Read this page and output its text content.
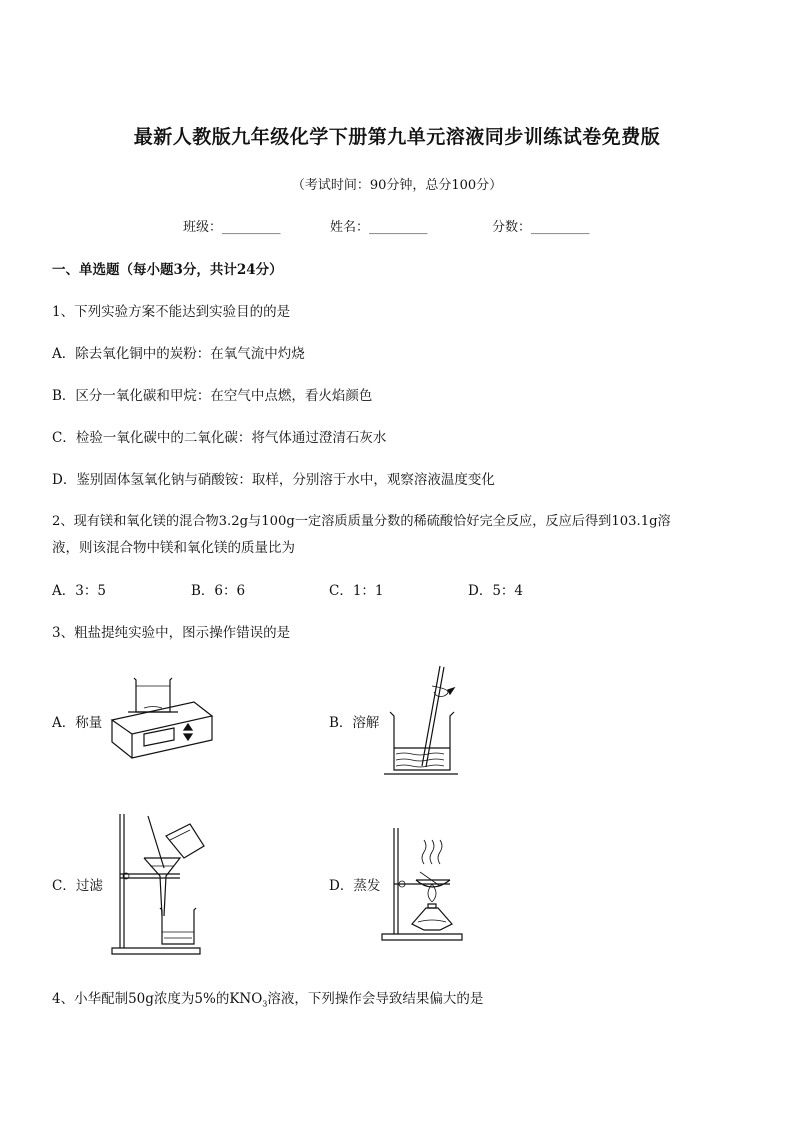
最新人教版九年级化学下册第九单元溶液同步训练试卷免费版
（考试时间：90分钟，总分100分）
班级：_________	姓名：_________	分数：_________
一、单选题（每小题3分，共计24分）
1、下列实验方案不能达到实验目的的是
A．除去氧化铜中的炭粉：在氧气流中灼烧
B．区分一氧化碳和甲烷：在空气中点燃，看火焰颜色
C．检验一氧化碳中的二氧化碳：将气体通过澄清石灰水
D．鉴别固体氢氧化钠与硝酸铵：取样，分别溶于水中，观察溶液温度变化
2、现有镁和氧化镁的混合物3.2g与100g一定溶质质量分数的稀硫酸恰好完全反应，反应后得到103.1g溶
液，则该混合物中镁和氧化镁的质量比为
A．3：5	B．6：6	C．1：1	D．5：4
3、粗盐提纯实验中，图示操作错误的是
A．称量	B．溶解
C．过滤	D．蒸发
4、小华配制50g浓度为5%的$KNO_3$溶液，下列操作会导致结果偏大的是
